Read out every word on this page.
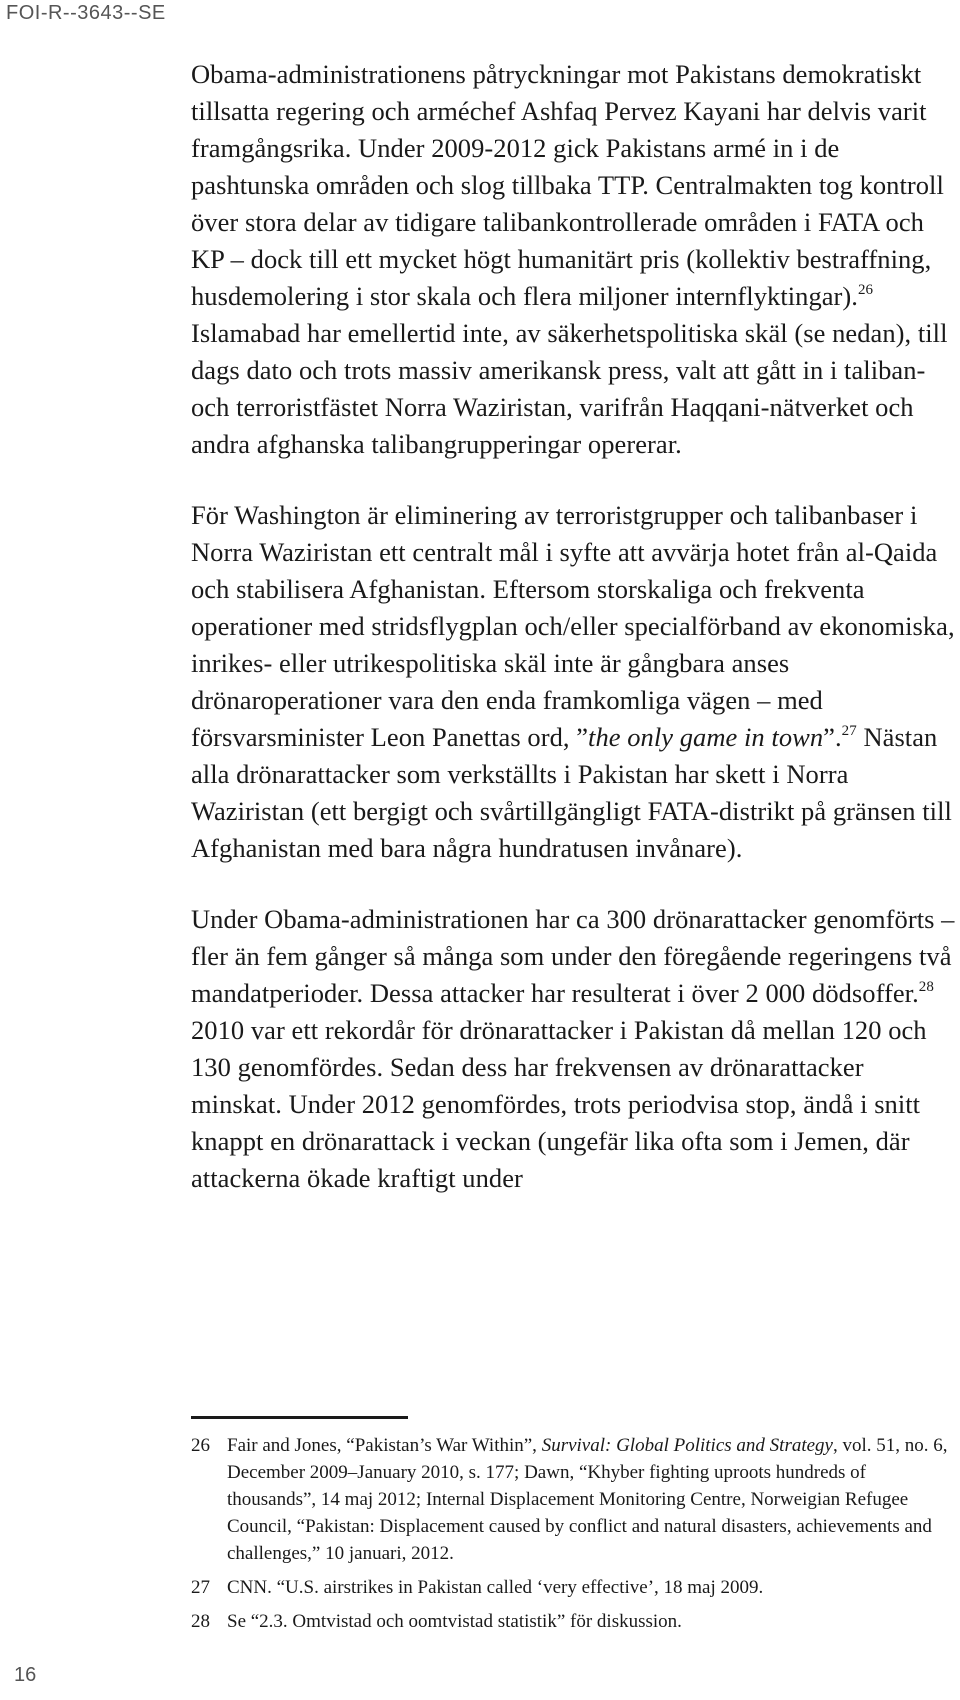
FOI-R--3643--SE

Obama-administrationens påtryckningar mot Pakistans demokratiskt tillsatta regering och arméchef Ashfaq Pervez Kayani har delvis varit framgångsrika. Under 2009-2012 gick Pakistans armé in i de pashtunska områden och slog tillbaka TTP. Centralmakten tog kontroll över stora delar av tidigare talibankontrollerade områden i FATA och KP – dock till ett mycket högt humanitärt pris (kollektiv bestraffning, husdemolering i stor skala och flera miljoner internflyktingar).$^{26}$ Islamabad har emellertid inte, av säkerhetspolitiska skäl (se nedan), till dags dato och trots massiv amerikansk press, valt att gått in i taliban- och terroristfästet Norra Waziristan, varifrån Haqqani-nätverket och andra afghanska talibangrupperingar opererar.

För Washington är eliminering av terroristgrupper och talibanbaser i Norra Waziristan ett centralt mål i syfte att avvärja hotet från al-Qaida och stabilisera Afghanistan. Eftersom storskaliga och frekventa operationer med stridsflygplan och/eller specialförband av ekonomiska, inrikes- eller utrikespolitiska skäl inte är gångbara anses drönaroperationer vara den enda framkomliga vägen – med försvarsminister Leon Panettas ord, ”the only game in town”.$^{27}$ Nästan alla drönarattacker som verkställts i Pakistan har skett i Norra Waziristan (ett bergigt och svårtillgängligt FATA-distrikt på gränsen till Afghanistan med bara några hundratusen invånare).

Under Obama-administrationen har ca 300 drönarattacker genomförts – fler än fem gånger så många som under den föregående regeringens två mandatperioder. Dessa attacker har resulterat i över 2 000 dödsoffer.$^{28}$ 2010 var ett rekordår för drönarattacker i Pakistan då mellan 120 och 130 genomfördes. Sedan dess har frekvensen av drönarattacker minskat. Under 2012 genomfördes, trots periodvisa stop, ändå i snitt knappt en drönarattack i veckan (ungefär lika ofta som i Jemen, där attackerna ökade kraftigt under

26 Fair and Jones, “Pakistan’s War Within”, Survival: Global Politics and Strategy, vol. 51, no. 6, December 2009–January 2010, s. 177; Dawn, “Khyber fighting uproots hundreds of thousands”, 14 maj 2012; Internal Displacement Monitoring Centre, Norweigian Refugee Council, “Pakistan: Displacement caused by conflict and natural disasters, achievements and challenges,” 10 januari, 2012.
27 CNN. “U.S. airstrikes in Pakistan called ‘very effective’, 18 maj 2009.
28 Se “2.3. Omtvistad och oomtvistad statistik” för diskussion.
16
